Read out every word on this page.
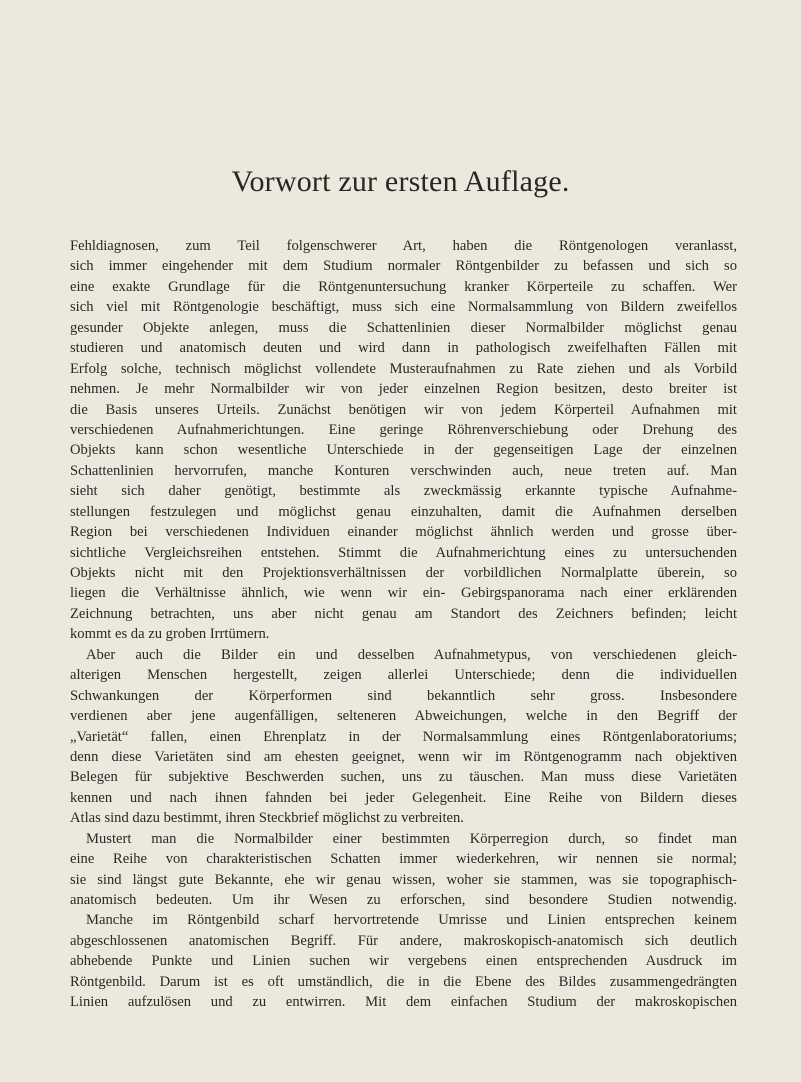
Vorwort zur ersten Auflage.
Fehldiagnosen, zum Teil folgenschwerer Art, haben die Röntgenologen veranlasst,
sich immer eingehender mit dem Studium normaler Röntgenbilder zu befassen und sich so
eine exakte Grundlage für die Röntgenuntersuchung kranker Körperteile zu schaffen. Wer
sich viel mit Röntgenologie beschäftigt, muss sich eine Normalsammlung von Bildern zweifellos
gesunder Objekte anlegen, muss die Schattenlinien dieser Normalbilder möglichst genau
studieren und anatomisch deuten und wird dann in pathologisch zweifelhaften Fällen mit
Erfolg solche, technisch möglichst vollendete Musteraufnahmen zu Rate ziehen und als Vorbild
nehmen. Je mehr Normalbilder wir von jeder einzelnen Region besitzen, desto breiter ist
die Basis unseres Urteils. Zunächst benötigen wir von jedem Körperteil Aufnahmen mit
verschiedenen Aufnahmerichtungen. Eine geringe Röhrenverschiebung oder Drehung des
Objekts kann schon wesentliche Unterschiede in der gegenseitigen Lage der einzelnen
Schattenlinien hervorrufen, manche Konturen verschwinden auch, neue treten auf. Man
sieht sich daher genötigt, bestimmte als zweckmässig erkannte typische Aufnahme-
stellungen festzulegen und möglichst genau einzuhalten, damit die Aufnahmen derselben
Region bei verschiedenen Individuen einander möglichst ähnlich werden und grosse über-
sichtliche Vergleichsreihen entstehen. Stimmt die Aufnahmerichtung eines zu untersuchenden
Objekts nicht mit den Projektionsverhältnissen der vorbildlichen Normalplatte überein, so
liegen die Verhältnisse ähnlich, wie wenn wir ein- Gebirgspanorama nach einer erklärenden
Zeichnung betrachten, uns aber nicht genau am Standort des Zeichners befinden; leicht
kommt es da zu groben Irrtümern.
Aber auch die Bilder ein und desselben Aufnahmetypus, von verschiedenen gleich-
alterigen Menschen hergestellt, zeigen allerlei Unterschiede; denn die individuellen
Schwankungen der Körperformen sind bekanntlich sehr gross. Insbesondere
verdienen aber jene augenfälligen, selteneren Abweichungen, welche in den Begriff der
„Varietät“ fallen, einen Ehrenplatz in der Normalsammlung eines Röntgenlaboratoriums;
denn diese Varietäten sind am ehesten geeignet, wenn wir im Röntgenogramm nach objektiven
Belegen für subjektive Beschwerden suchen, uns zu täuschen. Man muss diese Varietäten
kennen und nach ihnen fahnden bei jeder Gelegenheit. Eine Reihe von Bildern dieses
Atlas sind dazu bestimmt, ihren Steckbrief möglichst zu verbreiten.
Mustert man die Normalbilder einer bestimmten Körperregion durch, so findet man
eine Reihe von charakteristischen Schatten immer wiederkehren, wir nennen sie normal;
sie sind längst gute Bekannte, ehe wir genau wissen, woher sie stammen, was sie topographisch-
anatomisch bedeuten. Um ihr Wesen zu erforschen, sind besondere Studien notwendig.
Manche im Röntgenbild scharf hervortretende Umrisse und Linien entsprechen keinem
abgeschlossenen anatomischen Begriff. Für andere, makroskopisch-anatomisch sich deutlich
abhebende Punkte und Linien suchen wir vergebens einen entsprechenden Ausdruck im
Röntgenbild. Darum ist es oft umständlich, die in die Ebene des Bildes zusammengedrängten
Linien aufzulösen und zu entwirren. Mit dem einfachen Studium der makroskopischen
